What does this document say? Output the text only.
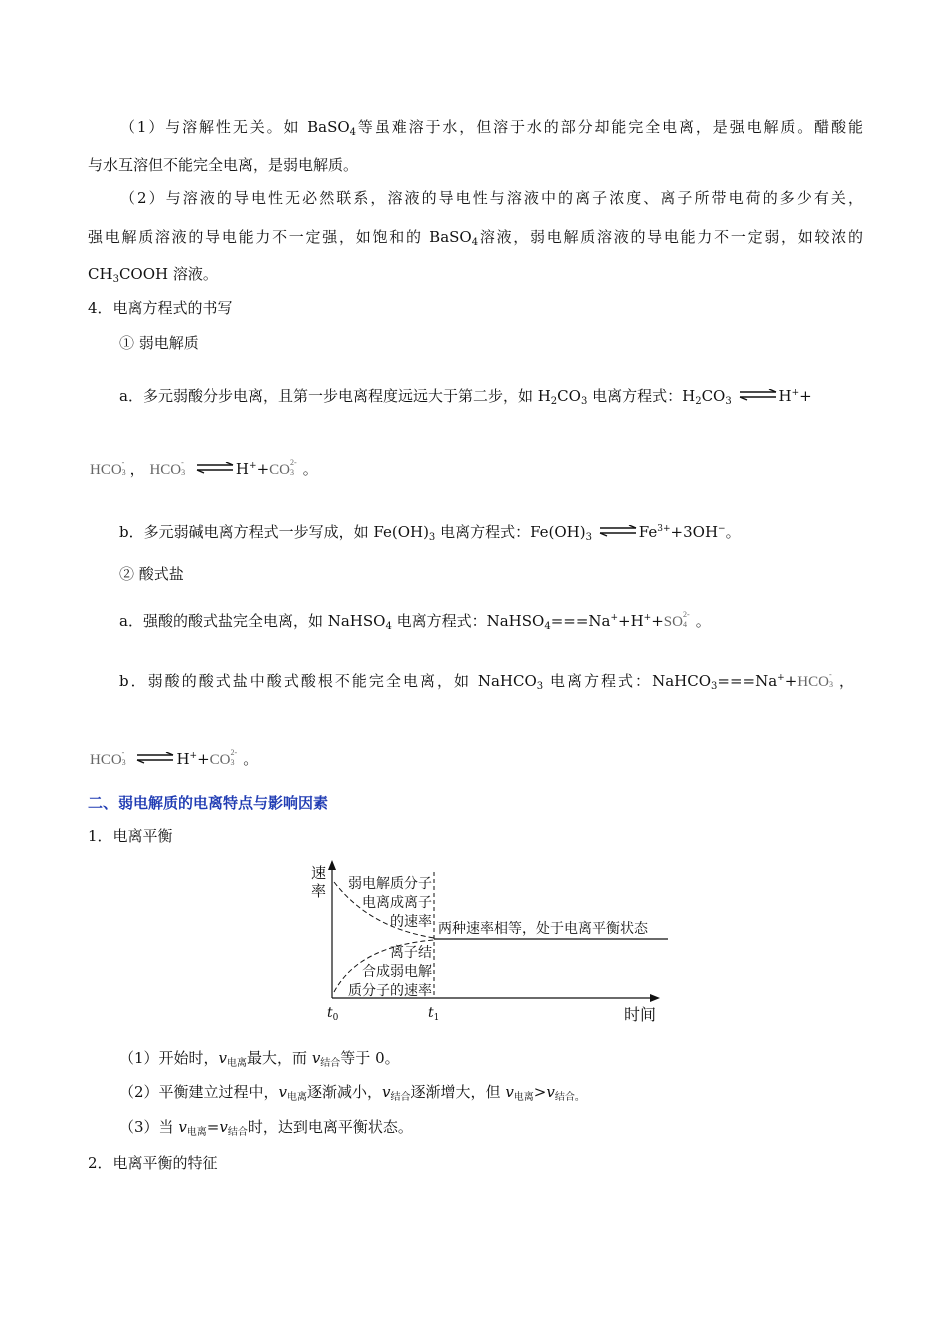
（1）与溶解性无关。如 BaSO$_4$等虽难溶于水，但溶于水的部分却能完全电离，是强电解质。醋酸能
与水互溶但不能完全电离，是弱电解质。
（2）与溶液的导电性无必然联系，溶液的导电性与溶液中的离子浓度、离子所带电荷的多少有关，
强电解质溶液的导电能力不一定强，如饱和的 BaSO$_4$溶液，弱电解质溶液的导电能力不一定弱，如较浓的
$CH_3COOH$ 溶液。
4．电离方程式的书写
① 弱电解质
a．多元弱酸分步电离，且第一步电离程度远远大于第二步，如 $H_2CO_3$ 电离方程式：$H_2CO_3$	H++
HCO -
3 ， HCO -
3	H++CO 2-
3 。
b．多元弱碱电离方程式一步写成，如 $Fe(OH)_3$ 电离方程式：$Fe(OH)_3$	$Fe^{3+}+3OH^-$。
② 酸式盐
a．强酸的酸式盐完全电离，如 NaHSO$_4$ 电离方程式：NaHSO$_4$===Na++H++SO 2-
4 。
b．弱酸的酸式盐中酸式酸根不能完全电离，如 NaHCO$_3$ 电离方程式：NaHCO$_3$===Na++HCO -
3 ，
HCO -
3	H++CO 2-
3 。
二、弱电解质的电离特点与影响因素
1．电离平衡
速
率 弱电解质分子
电离成离子
的速率 两种速率相等，处于电离平衡状态
离子结
合成弱电解
质分子的速率
$t_0$	$t_1$	时间
（1）开始时，$v_{电离}$最大，而 $v_{结合}$等于 0。
（2）平衡建立过程中，$v_{电离}$逐渐减小，$v_{结合}$逐渐增大，但 $v_{电离}>v_{结合。}$
（3）当 $v_{电离}=v_{结合}$时，达到电离平衡状态。
2．电离平衡的特征
